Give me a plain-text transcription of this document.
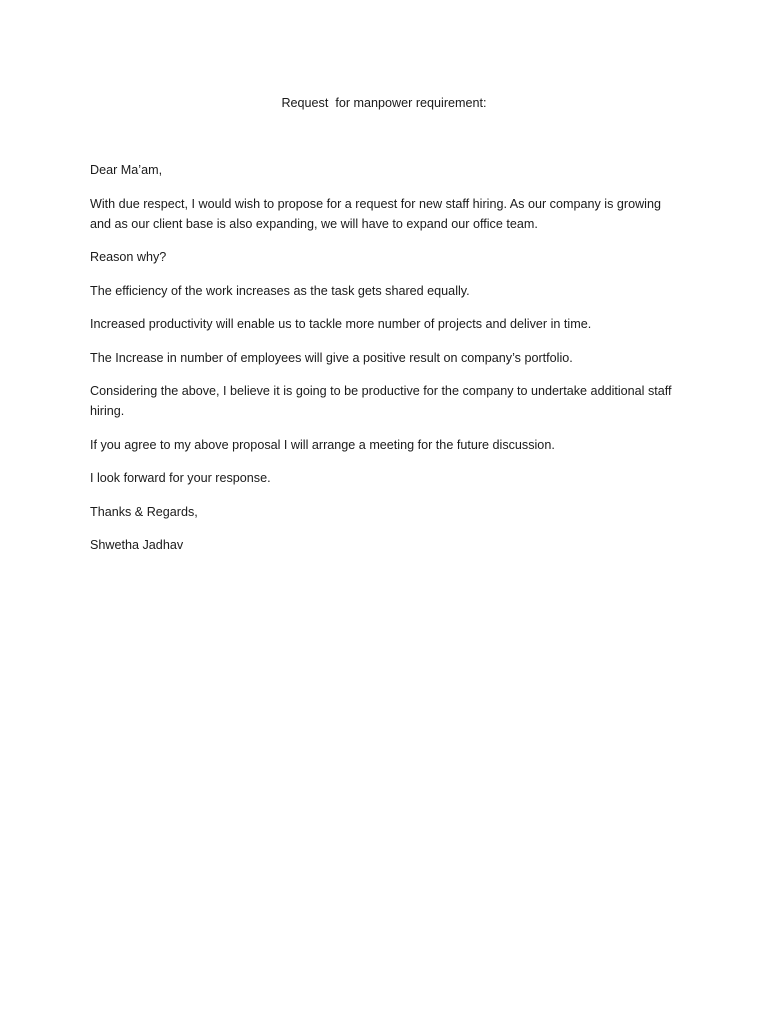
Request  for manpower requirement:

Dear Ma’am,

With due respect, I would wish to propose for a request for new staff hiring. As our company is growing and as our client base is also expanding, we will have to expand our office team.

Reason why?

The efficiency of the work increases as the task gets shared equally.

Increased productivity will enable us to tackle more number of projects and deliver in time.

The Increase in number of employees will give a positive result on company’s portfolio.

Considering the above, I believe it is going to be productive for the company to undertake additional staff hiring.

If you agree to my above proposal I will arrange a meeting for the future discussion.

I look forward for your response.

Thanks & Regards,

Shwetha Jadhav
